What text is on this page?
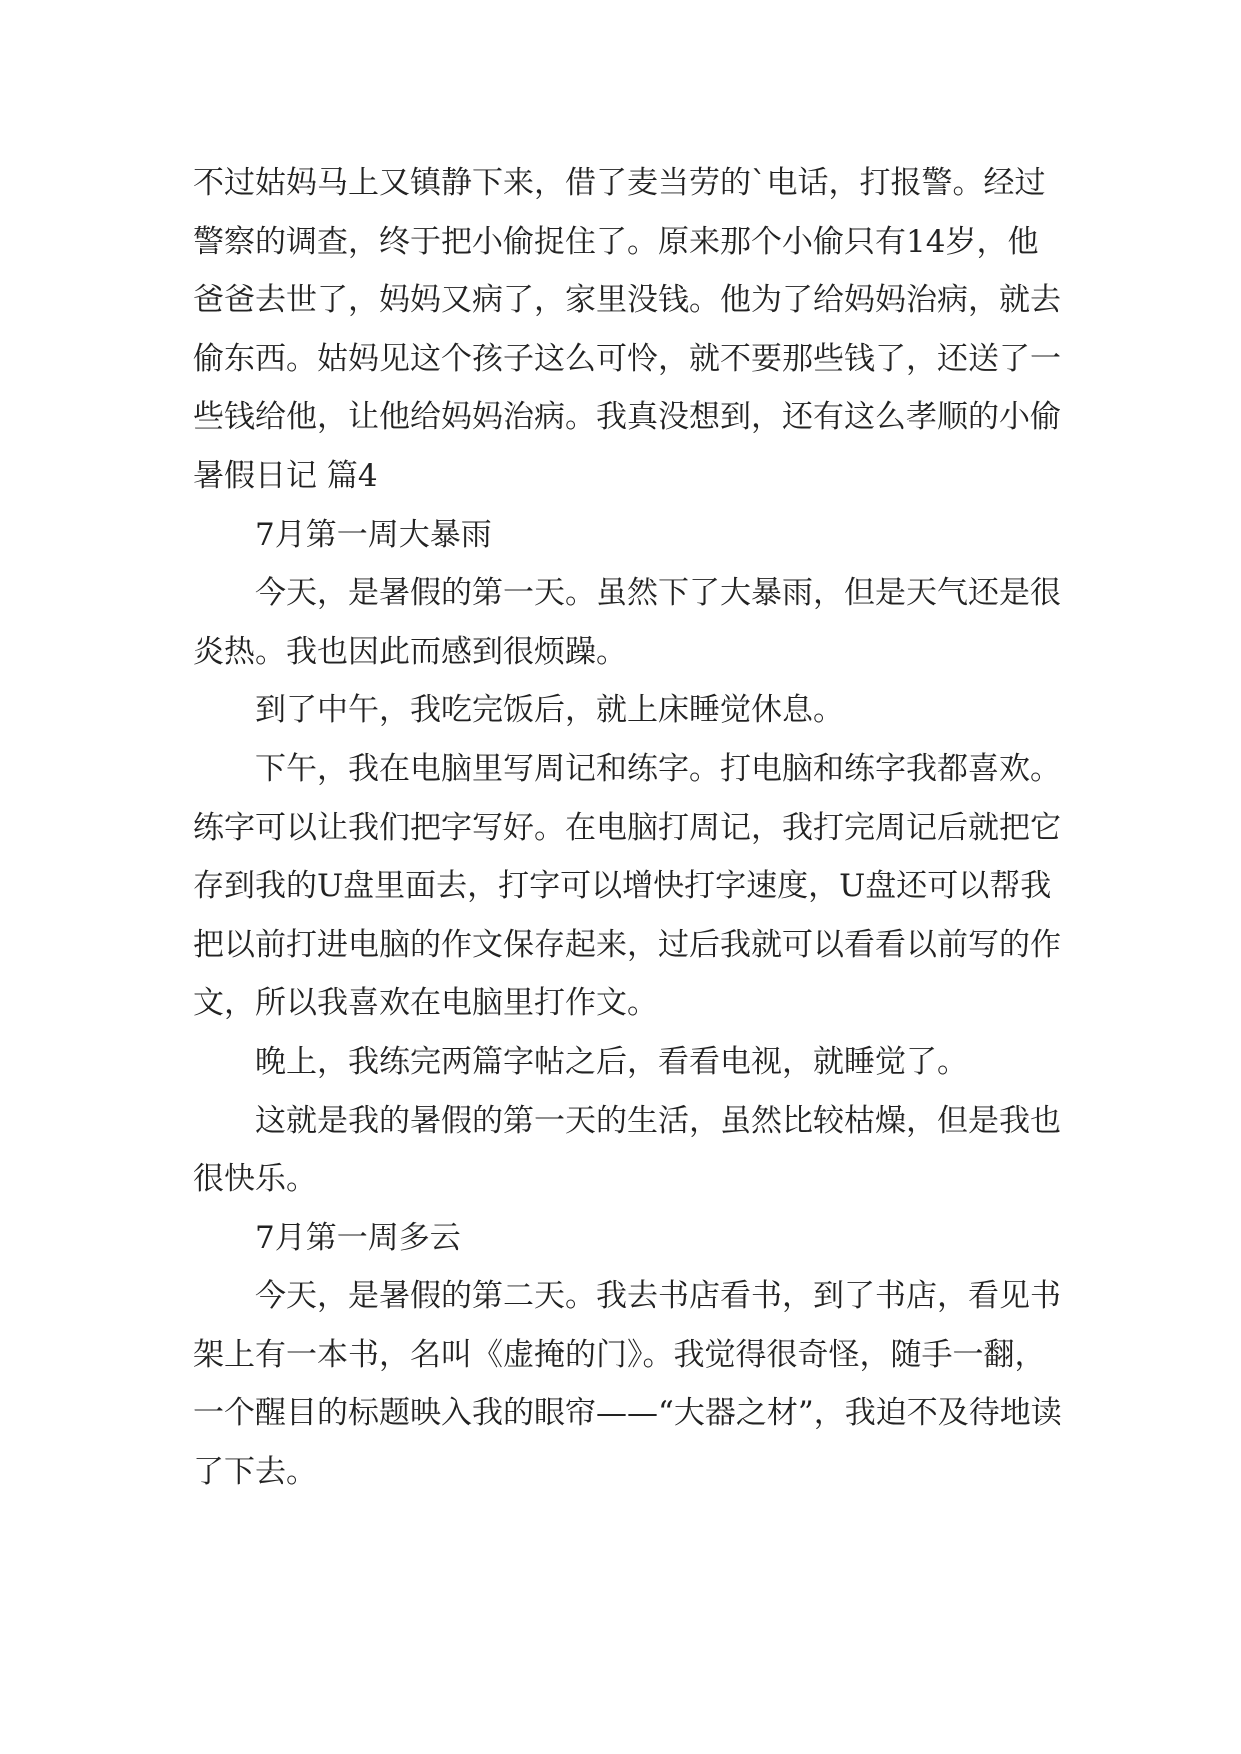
不过姑妈马上又镇静下来，借了麦当劳的`电话，打报警。经过警察的调查，终于把小偷捉住了。原来那个小偷只有14岁，他爸爸去世了，妈妈又病了，家里没钱。他为了给妈妈治病，就去偷东西。姑妈见这个孩子这么可怜，就不要那些钱了，还送了一些钱给他，让他给妈妈治病。我真没想到，还有这么孝顺的小偷

暑假日记 篇4

7月第一周大暴雨

今天，是暑假的第一天。虽然下了大暴雨，但是天气还是很炎热。我也因此而感到很烦躁。

到了中午，我吃完饭后，就上床睡觉休息。

下午，我在电脑里写周记和练字。打电脑和练字我都喜欢。练字可以让我们把字写好。在电脑打周记，我打完周记后就把它存到我的U盘里面去，打字可以增快打字速度，U盘还可以帮我把以前打进电脑的作文保存起来，过后我就可以看看以前写的作文，所以我喜欢在电脑里打作文。

晚上，我练完两篇字帖之后，看看电视，就睡觉了。

这就是我的暑假的第一天的生活，虽然比较枯燥，但是我也很快乐。

7月第一周多云

今天，是暑假的第二天。我去书店看书，到了书店，看见书架上有一本书，名叫《虚掩的门》。我觉得很奇怪，随手一翻，一个醒目的标题映入我的眼帘——“大器之材”，我迫不及待地读了下去。
